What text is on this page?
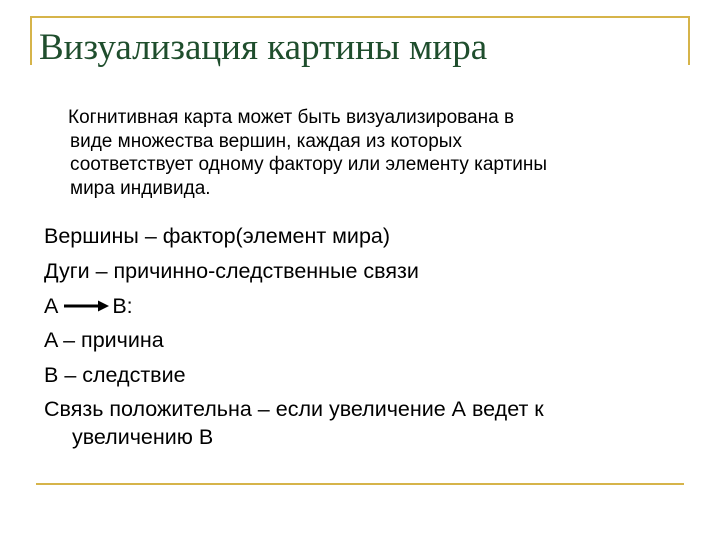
Визуализация картины мира
Когнитивная карта может быть визуализирована в
виде множества вершин, каждая из которых
соответствует одному фактору или элементу картины
мира индивида.
Вершины – фактор(элемент мира)
Дуги – причинно-следственные связи
A	B:
A – причина
B – следствие
Связь положительна – если увеличение А ведет к
увеличению В
